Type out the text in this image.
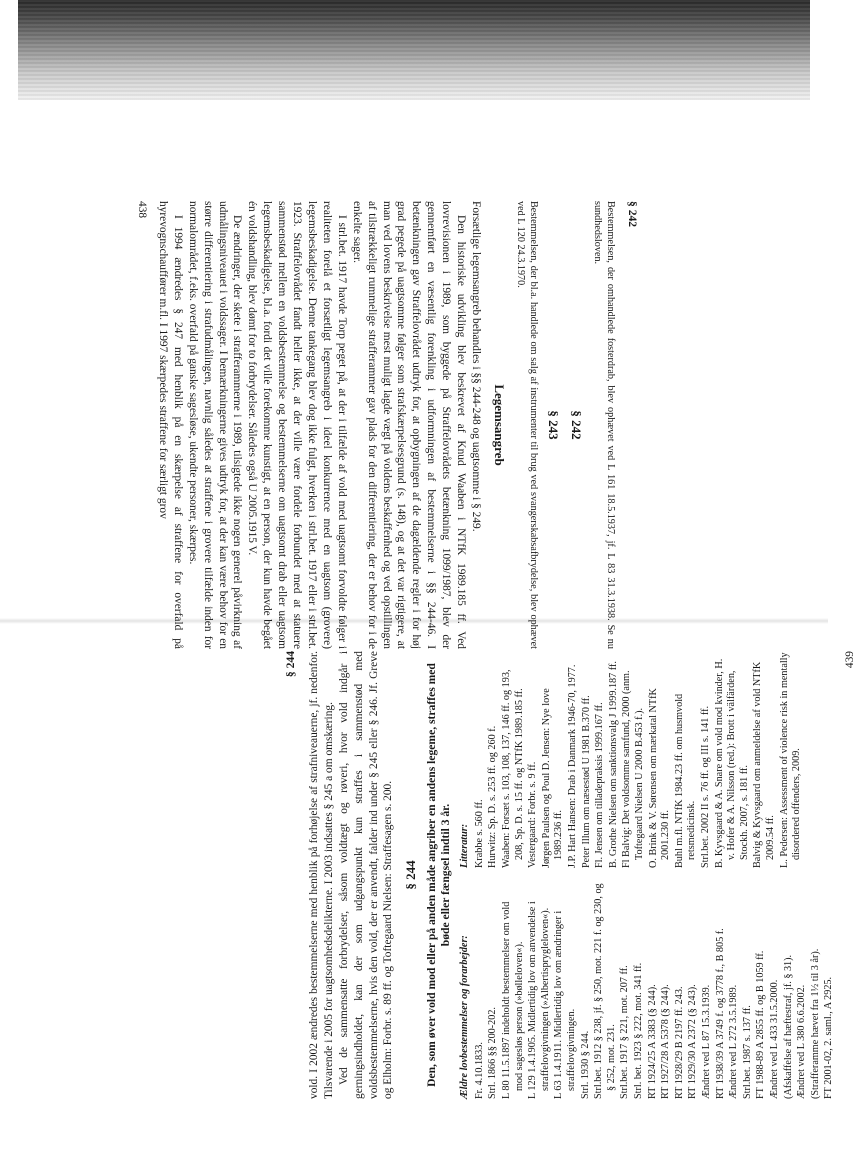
§ 242

Bestemmelsen, der omhandlede fosterdrab, blev ophævet ved L 161 18.5.1937, jf. L 83 31.3.1938. Se nu sundhedsloven.

§ 242
§ 243

Bestemmelsen, der bl.a. handlede om salg af instrumenter til brug ved svangerskabsafbrydelse, blev ophævet ved L 120 24.3.1970.

Legemsangreb

Forsætlige legemsangreb behandles i §§ 244-248 og uagtsomme i § 249.

Den historiske udvikling blev beskrevet af Knud Waaben i NTfK 1989.185 ff. Ved lovrevisionen i 1989, som byggede på Straffelovrådets betænkning 1099/1987, blev der gennemført en væsentlig forenkling i udformningen af bestemmelserne i §§ 244-46. I betænkningen gav Straffelovrådet udtryk for, at opbygningen af de dagældende regler i for høj grad pegede på uagtsomme følger som strafskærpelsesgrund (s. 148), og at det var rigtigere, at man ved lovens beskrivelse mest muligt lagde vægt på voldens beskaffenhed og ved opstillingen af tilstrækkeligt rummelige strafferammer gav plads for den differentiering, der er behov for i de enkelte sager.

I strl.bet. 1917 havde Torp peget på, at der i tilfælde af vold med uagtsomt forvoldte følger i realiteten forelå et forsætligt legemsangreb i ideel konkurrence med en uagtsom (grovere) legemsbeskadigelse. Denne tankegang blev dog ikke fulgt, hverken i strl.bet. 1917 eller i strl.bet. 1923. Straffelovrådet fandt heller ikke, at der ville være fordele forbundet med at statuere sammenstød mellem en voldsbestemmelse og bestemmelserne om uagtsomt drab eller uagtsom legemsbeskadigelse, bl.a. fordi det ville forekomme kunstigt, at en person, der kun havde begået én voldshandling, blev dømt for to forbrydelser. Således også U 2005.1915 V.

De ændringer, der skete i strafferammerne i 1989, tilsigtede ikke nogen generel påvirkning af udmålingsniveauet i voldssager. I bemærkningerne gives udtryk for, at der kan være behov for en større differentiering i strafudmålingen, navnlig således at straffene i grovere tilfælde inden for normalområdet, f.eks. overfald på ganske sagesløse, ukendte personer, skærpes.

I 1994 ændredes § 247 med henblik på en skærpelse af straffene for overfald på hyrevognschauffører m.fl. I 1997 skærpedes straffene for særligt grov

438
§ 244 vold. I 2002 ændredes bestemmelserne med henblik på forhøjelse af strafniveauerne, jf. nedenfor. Tilsvarende i 2005 for uagtsomhedsdelikterne. I 2003 indsattes § 245 a om omskæring. Ved de sammensatte forbrydelser, såsom voldtægt og røveri, hvor vold indgår i gerningsindholdet, kan der som udgangspunkt kun straffes i sammenstød med voldsbestemmelserne, hvis den vold, der er anvendt, falder ind under § 245 eller § 246. Jf. Greve og Elholm: Forbr. s. 89 ff. og Toftegaard Nielsen: Straffesagen s. 200. § 244 Den, som øver vold mod eller på anden måde angriber en andens legeme, straffes med bøde eller fængsel indtil 3 år.
Ældre lovbestemmelser og forarbejder: Fr. 4.10.1833. Strl. 1866 §§ 200-202. L 80 11.5.1897 indeholdt bestemmelser om vold mod sagesløs person (»bølleloven«). L 129 1.4.1905. Midlertidig lov om anvendelse i straffelovgivningen (»Albertisprygleloven«). L 63 1.4.1911. Midlertidig lov om ændringer i straffelovgivningen. Strl. 1930 § 244. Strl.bet. 1912 § 238, jf. § 250, mot. 221 f. og 230, og § 252, mot. 231. Strl.bet. 1917 § 221, mot. 207 ff. Strl. bet. 1923 § 222, mot. 341 ff. RT 1924/25 A 3383 (§ 244). RT 1927/28 A 5378 (§ 244). RT 1928/29 B 2197 ff. 243. RT 1929/30 A 2372 (§ 243). Ændret ved L 87 15.3.1939. RT 1938/39 A 3749 f. og 3778 f., B 805 f. Ændret ved L 272 3.5.1989. Strl.bet. 1987 s. 137 ff. FT 1988-89 A 2855 ff. og B 1059 ff. Ændret ved L 433 31.5.2000. (Afskaffelse af hæftestraf, jf. § 31). Ændret ved L 380 6.6.2002. (Strafferamme hævet fra 1½ til 3 år). FT 2001-02, 2. saml., A 2925.
Litteratur: Krabbe s. 560 ff. Hurwitz: Sp. D. s. 253 ff. og 260 f. Waaben: Forsæt s. 103, 108, 137, 146 ff. og 193, 208, Sp. D. s. 15 ff. og NTfK 1989.185 ff. Vestergaard: Forbr. s. 9 ff. Jørgen Paulsen og Poul D. Jensen: Nye love 1989.236 ff. J.P. Hart Hansen: Drab i Danmark 1946-70, 1977. Peter Illum om næsestød U 1981 B.370 ff. Fl. Jensen om tilladepraksis 1999.167 ff. B. Grothe Nielsen om sanktionsvalg J 1999.187 ff. Fl Balvig: Det voldsomme samfund, 2000 (anm. Toftegaard Nielsen U 2000 B.453 f.). O. Brink & V. Sørensen om mærkatal NTfK 2001.230 ff. Buhl m.fl. NTfK 1984.23 ff. om husmvold retsmedicinsk. Strl.bet. 2002 II s. 76 ff. og III s. 141 ff. B. Kyvsgaard & A. Snare om vold mod kvinder, H. v. Hofer & A. Nilsson (red.): Brott i välfärden, Stockh. 2007, s. 181 ff. Balvig & Kyvsgaard om anmeldelse af vold NTfK 2009.54 ff. L. Pedersen: Assessment of violence risk in mentally disordered offenders, 2009.
439
